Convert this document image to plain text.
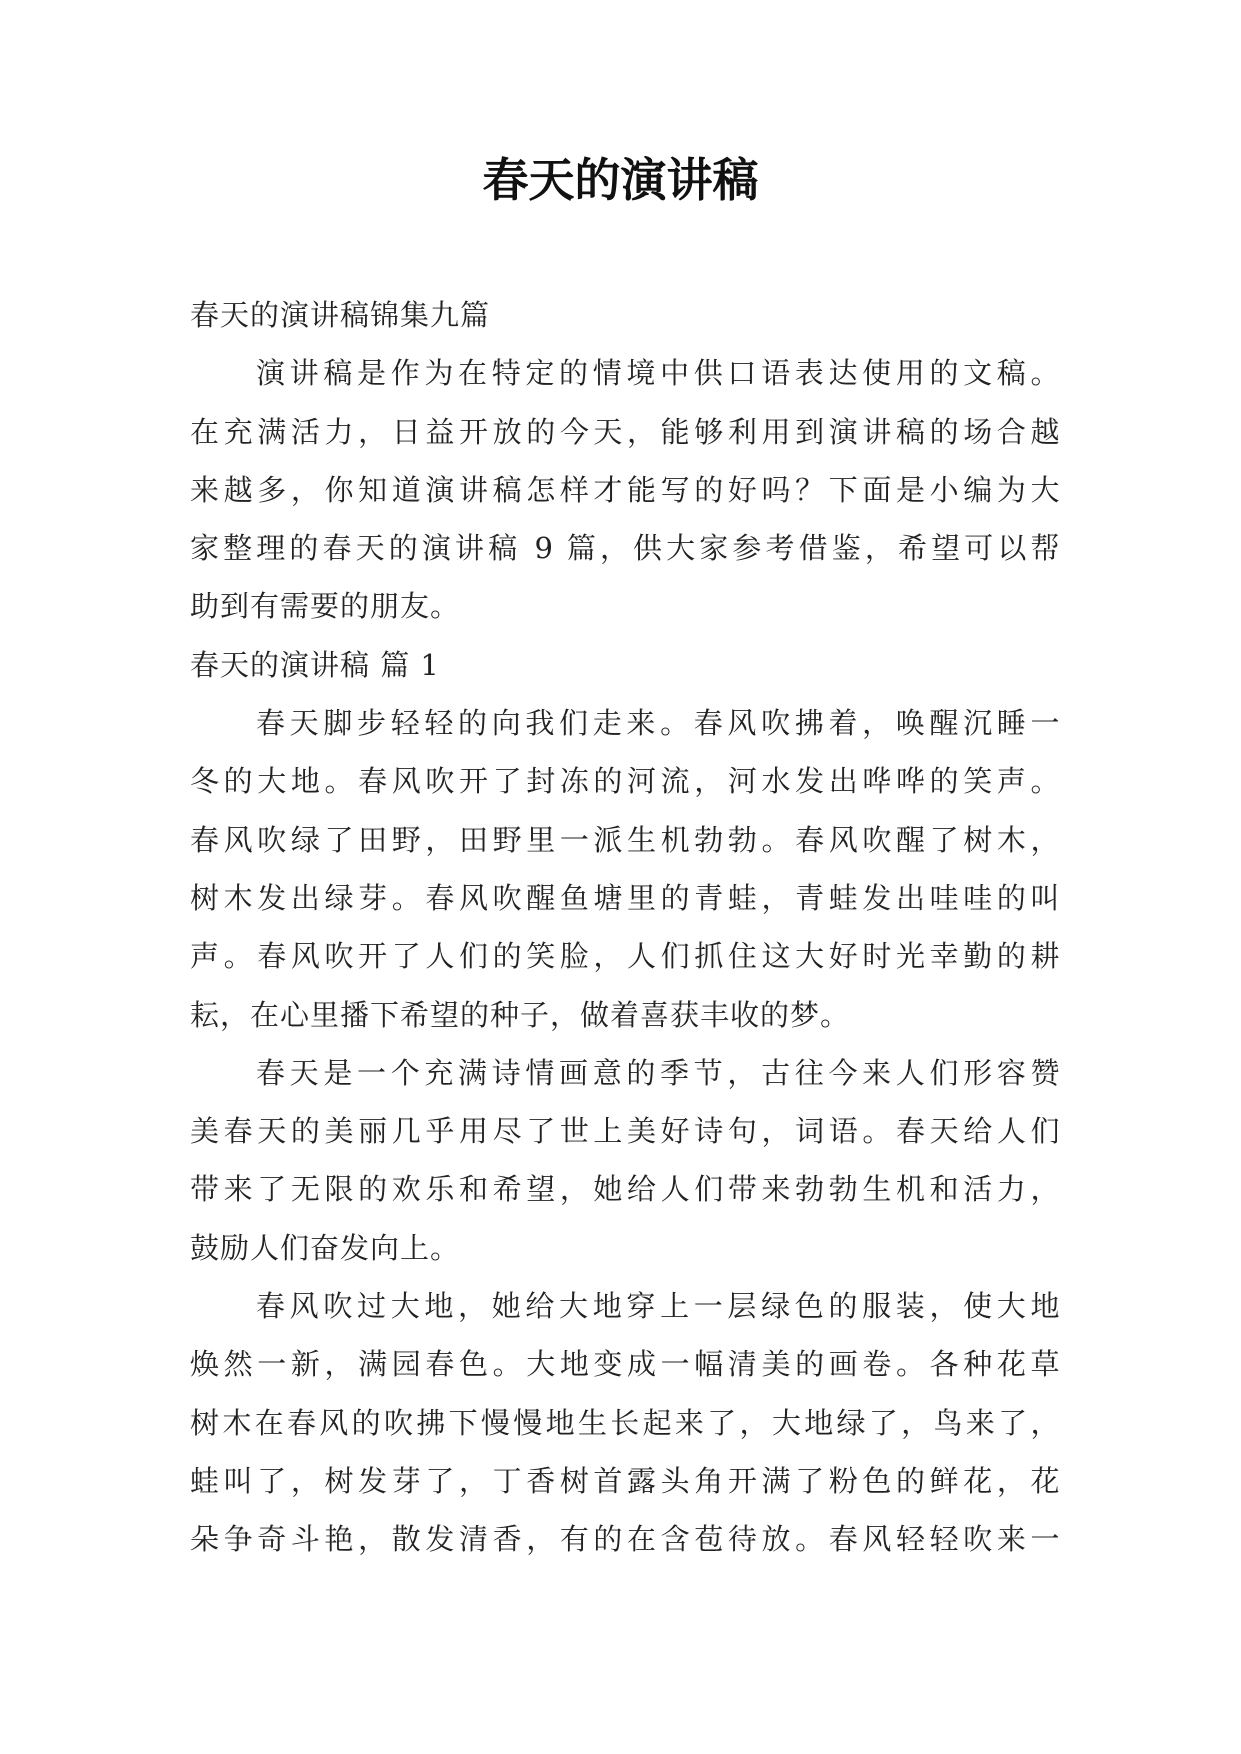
春天的演讲稿
春天的演讲稿锦集九篇
演讲稿是作为在特定的情境中供口语表达使用的文稿。
在充满活力，日益开放的今天，能够利用到演讲稿的场合越
来越多，你知道演讲稿怎样才能写的好吗？下面是小编为大
家整理的春天的演讲稿 9 篇，供大家参考借鉴，希望可以帮
助到有需要的朋友。
春天的演讲稿 篇 1
春天脚步轻轻的向我们走来。春风吹拂着，唤醒沉睡一
冬的大地。春风吹开了封冻的河流，河水发出哗哗的笑声。
春风吹绿了田野，田野里一派生机勃勃。春风吹醒了树木，
树木发出绿芽。春风吹醒鱼塘里的青蛙，青蛙发出哇哇的叫
声。春风吹开了人们的笑脸，人们抓住这大好时光幸勤的耕
耘，在心里播下希望的种子，做着喜获丰收的梦。
春天是一个充满诗情画意的季节，古往今来人们形容赞
美春天的美丽几乎用尽了世上美好诗句，词语。春天给人们
带来了无限的欢乐和希望，她给人们带来勃勃生机和活力，
鼓励人们奋发向上。
春风吹过大地，她给大地穿上一层绿色的服装，使大地
焕然一新，满园春色。大地变成一幅清美的画卷。各种花草
树木在春风的吹拂下慢慢地生长起来了，大地绿了，鸟来了，
蛙叫了，树发芽了，丁香树首露头角开满了粉色的鲜花，花
朵争奇斗艳，散发清香，有的在含苞待放。春风轻轻吹来一
